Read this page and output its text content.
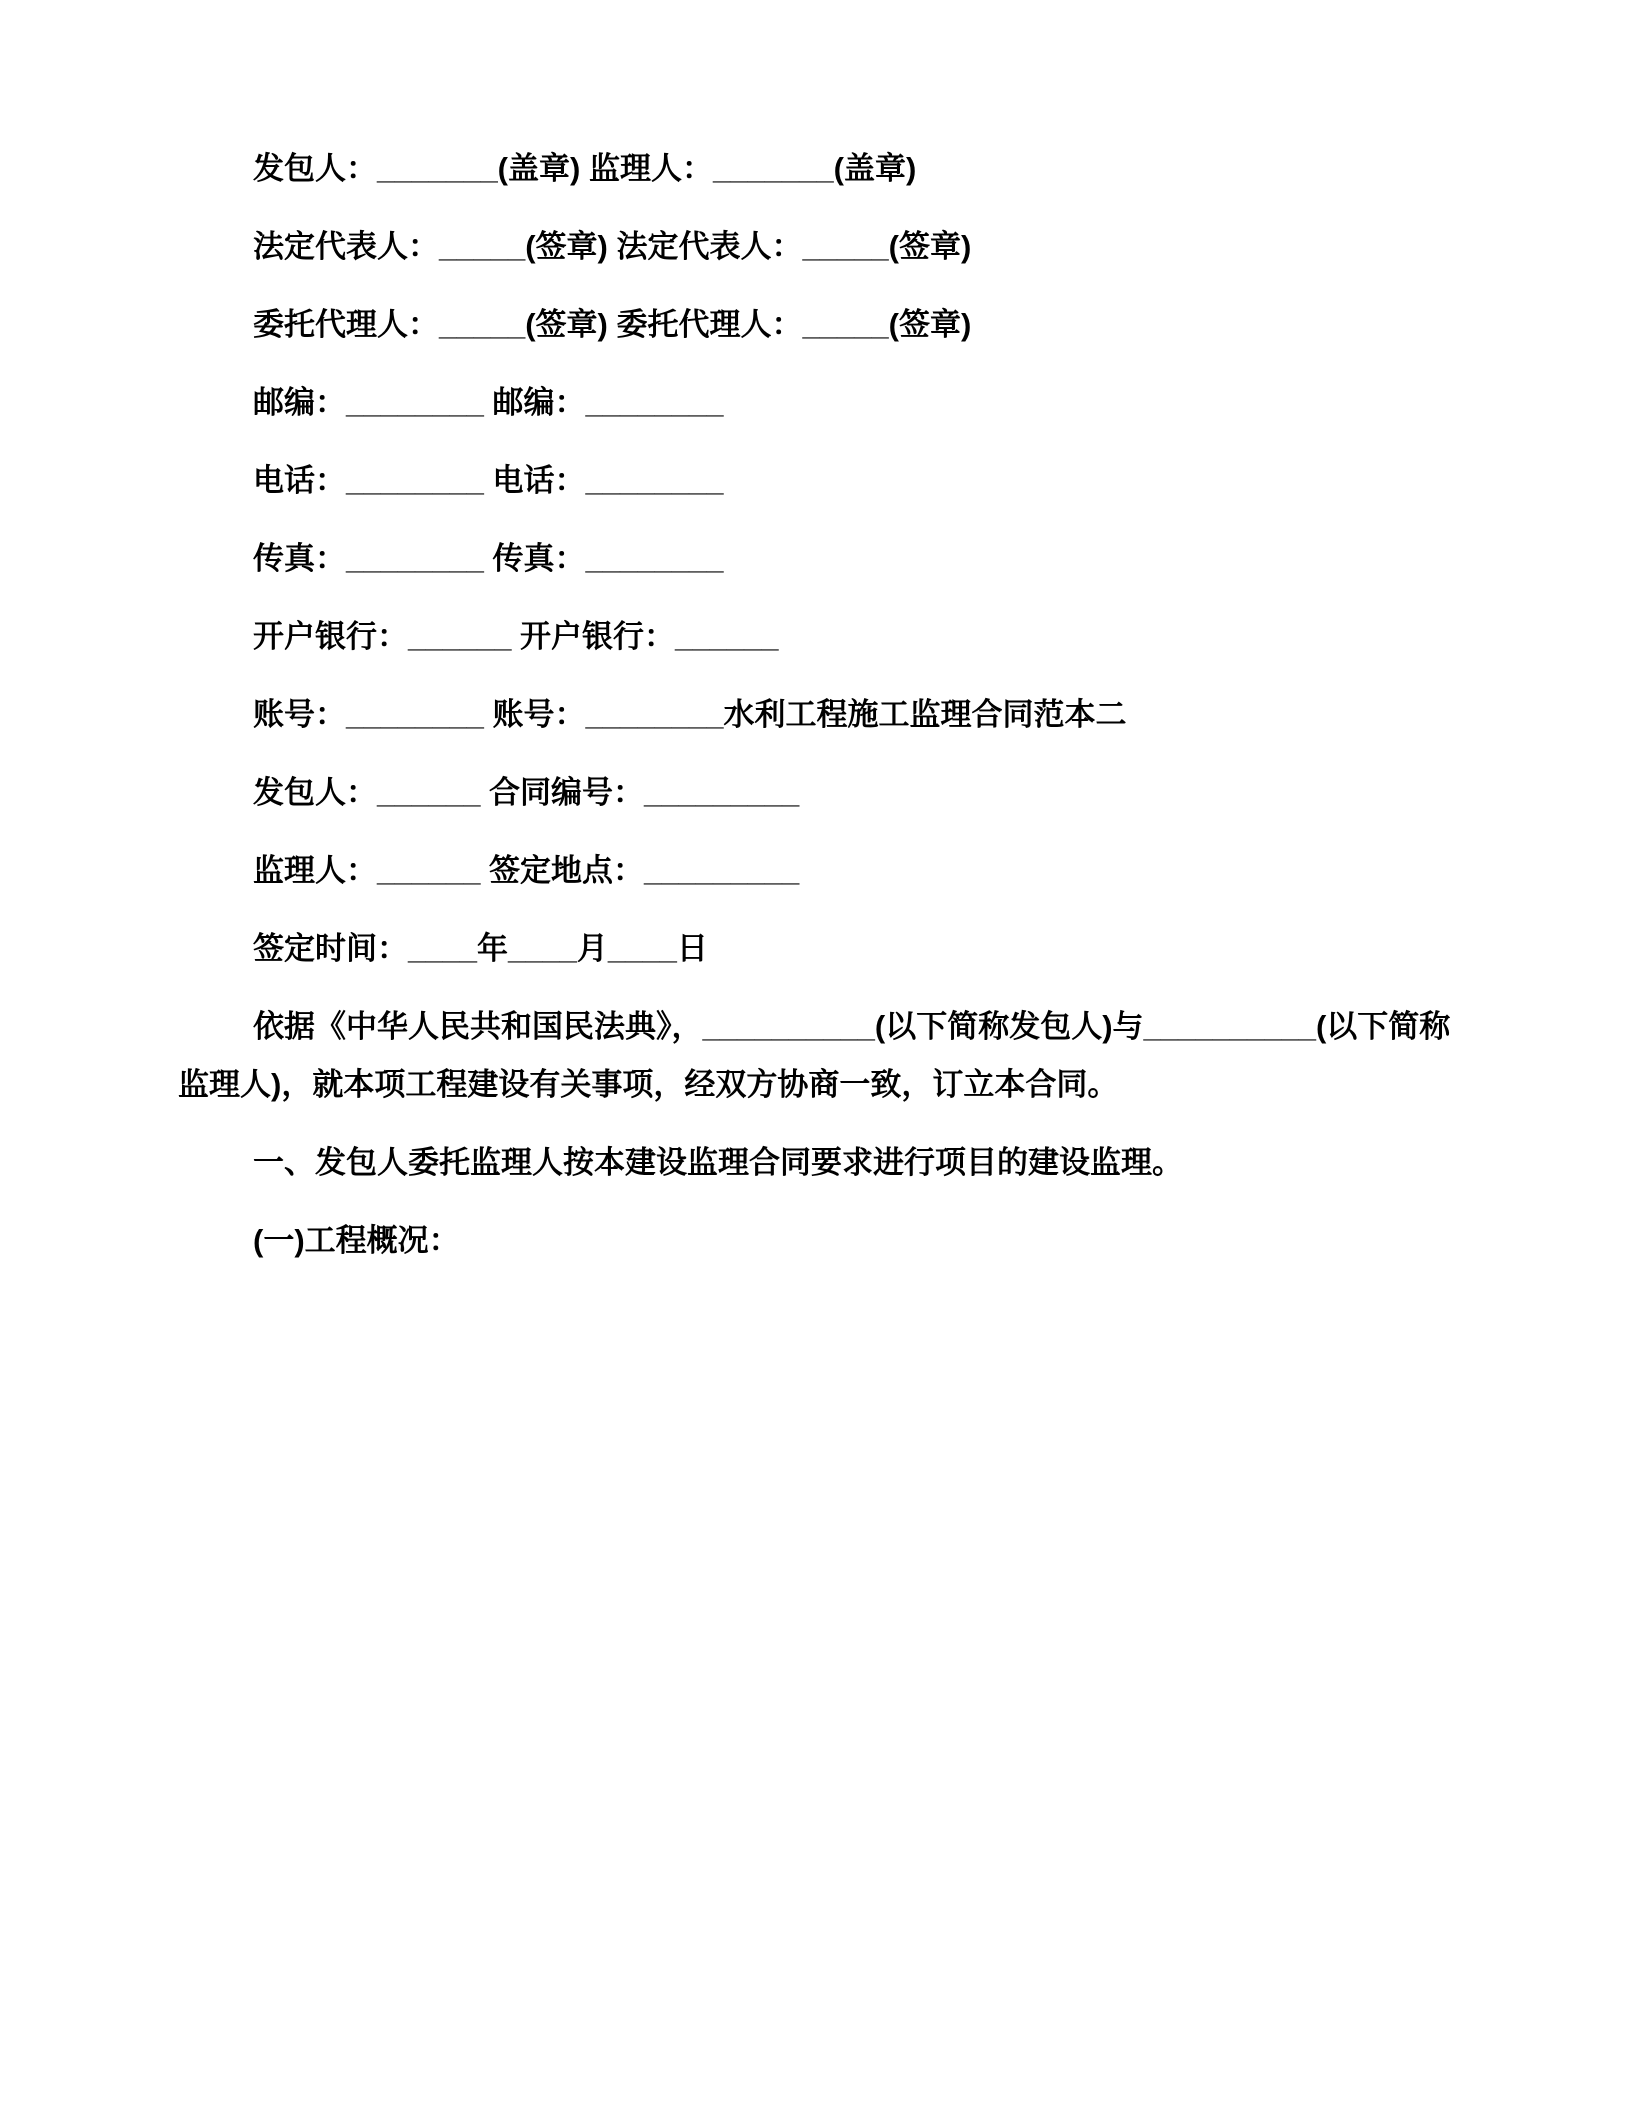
发包人：_______(盖章) 监理人：_______(盖章)

法定代表人：_____(签章) 法定代表人：_____(签章)

委托代理人：_____(签章) 委托代理人：_____(签章)

邮编：________ 邮编：________

电话：________ 电话：________

传真：________ 传真：________

开户银行：______ 开户银行：______

账号：________ 账号：________水利工程施工监理合同范本二

发包人：______ 合同编号：_________

监理人：______ 签定地点：_________

签定时间：____年____月____日

依据《中华人民共和国民法典》，__________(以下简称发包人)与__________(以下简称监理人)，就本项工程建设有关事项，经双方协商一致，订立本合同。

一、发包人委托监理人按本建设监理合同要求进行项目的建设监理。

(一)工程概况：
